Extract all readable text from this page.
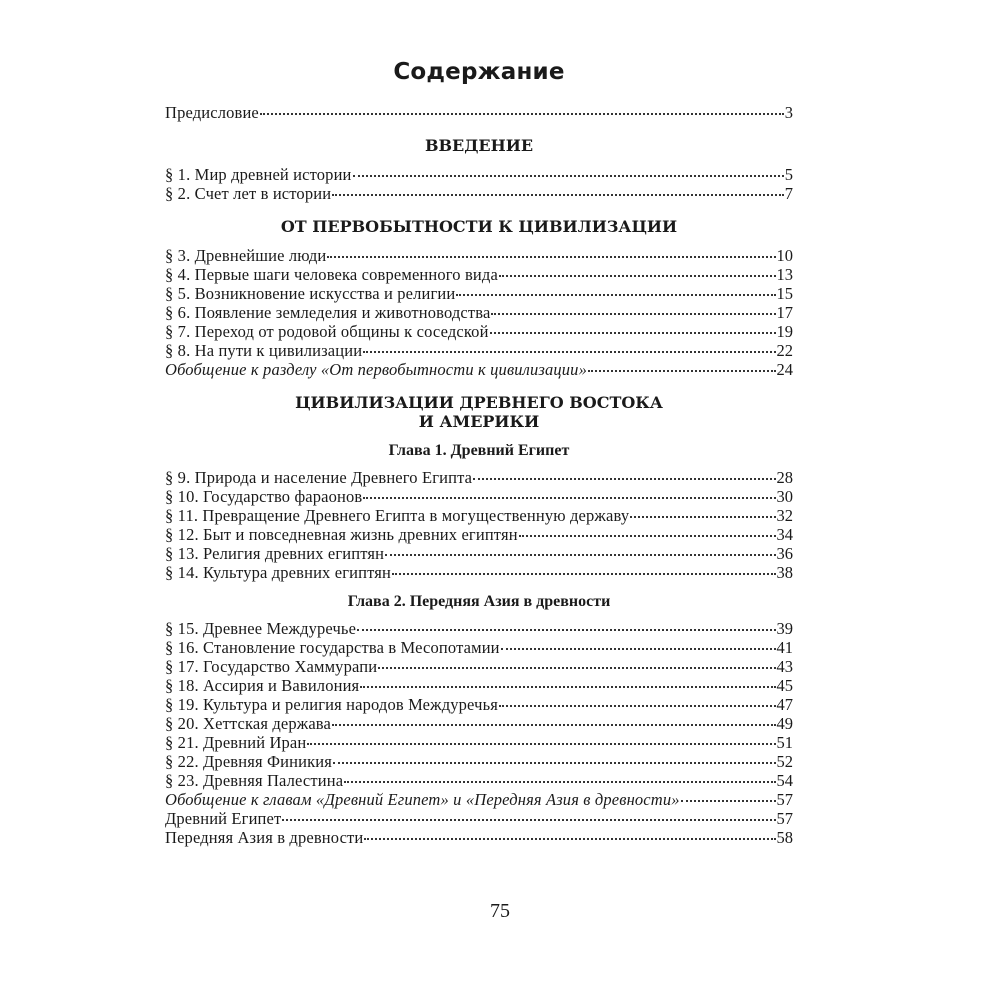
Содержание
Предисловие	3
ВВЕДЕНИЕ
§ 1. Мир древней истории	5
§ 2. Счет лет в истории	7
ОТ ПЕРВОБЫТНОСТИ К ЦИВИЛИЗАЦИИ
§ 3. Древнейшие люди	10
§ 4. Первые шаги человека современного вида	13
§ 5. Возникновение искусства и религии	15
§ 6. Появление земледелия и животноводства	17
§ 7. Переход от родовой общины к соседской	19
§ 8. На пути к цивилизации	22
Обобщение к разделу «От первобытности к цивилизации»	24
ЦИВИЛИЗАЦИИ ДРЕВНЕГО ВОСТОКА
И АМЕРИКИ
Глава 1. Древний Египет
§ 9. Природа и население Древнего Египта	28
§ 10. Государство фараонов	30
§ 11. Превращение Древнего Египта в могущественную державу	32
§ 12. Быт и повседневная жизнь древних египтян	34
§ 13. Религия древних египтян	36
§ 14. Культура древних египтян	38
Глава 2. Передняя Азия в древности
§ 15. Древнее Междуречье	39
§ 16. Становление государства в Месопотамии	41
§ 17. Государство Хаммурапи	43
§ 18. Ассирия и Вавилония	45
§ 19. Культура и религия народов Междуречья	47
§ 20. Хеттская держава	49
§ 21. Древний Иран	51
§ 22. Древняя Финикия	52
§ 23. Древняя Палестина	54
Обобщение к главам «Древний Египет» и «Передняя Азия в древности»	57
Древний Египет	57
Передняя Азия в древности	58
75
